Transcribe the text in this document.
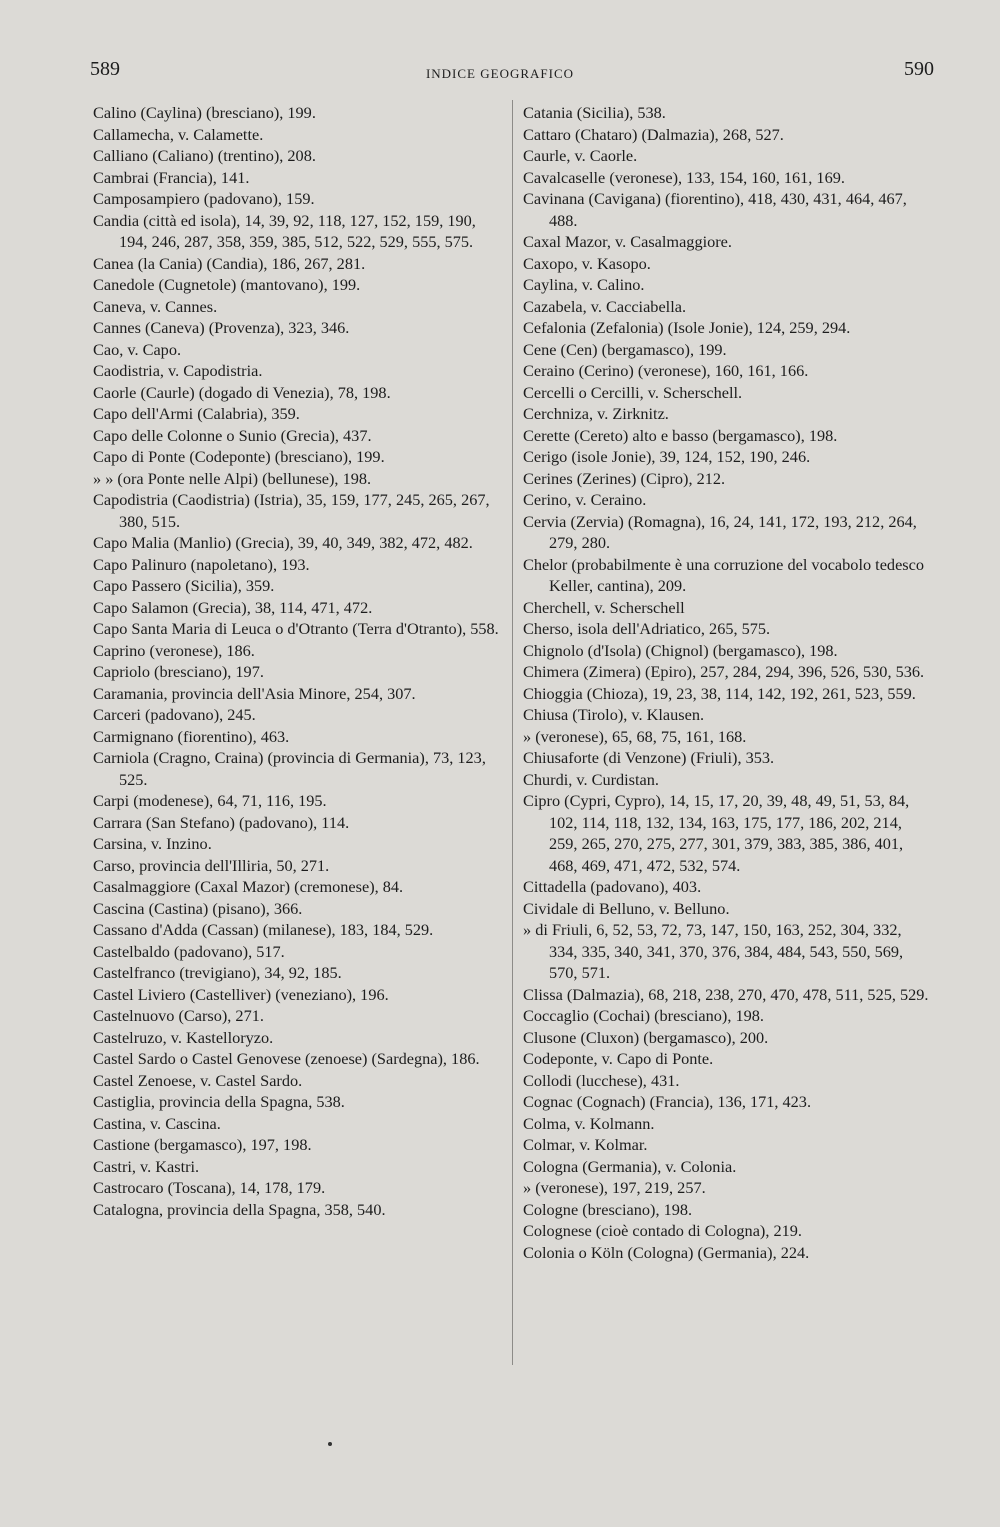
589	INDICE GEOGRAFICO	590
Calino (Caylina) (bresciano), 199.
Callamecha, v. Calamette.
Calliano (Caliano) (trentino), 208.
Cambrai (Francia), 141.
Camposampiero (padovano), 159.
Candia (città ed isola), 14, 39, 92, 118, 127, 152, 159, 190, 194, 246, 287, 358, 359, 385, 512, 522, 529, 555, 575.
Canea (la Cania) (Candia), 186, 267, 281.
Canedole (Cugnetole) (mantovano), 199.
Caneva, v. Cannes.
Cannes (Caneva) (Provenza), 323, 346.
Cao, v. Capo.
Caodistria, v. Capodistria.
Caorle (Caurle) (dogado di Venezia), 78, 198.
Capo dell'Armi (Calabria), 359.
Capo delle Colonne o Sunio (Grecia), 437.
Capo di Ponte (Codeponte) (bresciano), 199.
» » (ora Ponte nelle Alpi) (bellunese), 198.
Capodistria (Caodistria) (Istria), 35, 159, 177, 245, 265, 267, 380, 515.
Capo Malia (Manlio) (Grecia), 39, 40, 349, 382, 472, 482.
Capo Palinuro (napoletano), 193.
Capo Passero (Sicilia), 359.
Capo Salamon (Grecia), 38, 114, 471, 472.
Capo Santa Maria di Leuca o d'Otranto (Terra d'Otranto), 558.
Caprino (veronese), 186.
Capriolo (bresciano), 197.
Caramania, provincia dell'Asia Minore, 254, 307.
Carceri (padovano), 245.
Carmignano (fiorentino), 463.
Carniola (Cragno, Craina) (provincia di Germania), 73, 123, 525.
Carpi (modenese), 64, 71, 116, 195.
Carrara (San Stefano) (padovano), 114.
Carsina, v. Inzino.
Carso, provincia dell'Illiria, 50, 271.
Casalmaggiore (Caxal Mazor) (cremonese), 84.
Cascina (Castina) (pisano), 366.
Cassano d'Adda (Cassan) (milanese), 183, 184, 529.
Castelbaldo (padovano), 517.
Castelfranco (trevigiano), 34, 92, 185.
Castel Liviero (Castelliver) (veneziano), 196.
Castelnuovo (Carso), 271.
Castelruzo, v. Kastelloryzo.
Castel Sardo o Castel Genovese (zenoese) (Sardegna), 186.
Castel Zenoese, v. Castel Sardo.
Castiglia, provincia della Spagna, 538.
Castina, v. Cascina.
Castione (bergamasco), 197, 198.
Castri, v. Kastri.
Castrocaro (Toscana), 14, 178, 179.
Catalogna, provincia della Spagna, 358, 540.
Catania (Sicilia), 538.
Cattaro (Chataro) (Dalmazia), 268, 527.
Caurle, v. Caorle.
Cavalcaselle (veronese), 133, 154, 160, 161, 169.
Cavinana (Cavigana) (fiorentino), 418, 430, 431, 464, 467, 488.
Caxal Mazor, v. Casalmaggiore.
Caxopo, v. Kasopo.
Caylina, v. Calino.
Cazabela, v. Cacciabella.
Cefalonia (Zefalonia) (Isole Jonie), 124, 259, 294.
Cene (Cen) (bergamasco), 199.
Ceraino (Cerino) (veronese), 160, 161, 166.
Cercelli o Cercilli, v. Scherschell.
Cerchniza, v. Zirknitz.
Cerette (Cereto) alto e basso (bergamasco), 198.
Cerigo (isole Jonie), 39, 124, 152, 190, 246.
Cerines (Zerines) (Cipro), 212.
Cerino, v. Ceraino.
Cervia (Zervia) (Romagna), 16, 24, 141, 172, 193, 212, 264, 279, 280.
Chelor (probabilmente è una corruzione del vocabolo tedesco Keller, cantina), 209.
Cherchell, v. Scherschell
Cherso, isola dell'Adriatico, 265, 575.
Chignolo (d'Isola) (Chignol) (bergamasco), 198.
Chimera (Zimera) (Epiro), 257, 284, 294, 396, 526, 530, 536.
Chioggia (Chioza), 19, 23, 38, 114, 142, 192, 261, 523, 559.
Chiusa (Tirolo), v. Klausen.
» (veronese), 65, 68, 75, 161, 168.
Chiusaforte (di Venzone) (Friuli), 353.
Churdi, v. Curdistan.
Cipro (Cypri, Cypro), 14, 15, 17, 20, 39, 48, 49, 51, 53, 84, 102, 114, 118, 132, 134, 163, 175, 177, 186, 202, 214, 259, 265, 270, 275, 277, 301, 379, 383, 385, 386, 401, 468, 469, 471, 472, 532, 574.
Cittadella (padovano), 403.
Cividale di Belluno, v. Belluno.
» di Friuli, 6, 52, 53, 72, 73, 147, 150, 163, 252, 304, 332, 334, 335, 340, 341, 370, 376, 384, 484, 543, 550, 569, 570, 571.
Clissa (Dalmazia), 68, 218, 238, 270, 470, 478, 511, 525, 529.
Coccaglio (Cochai) (bresciano), 198.
Clusone (Cluxon) (bergamasco), 200.
Codeponte, v. Capo di Ponte.
Collodi (lucchese), 431.
Cognac (Cognach) (Francia), 136, 171, 423.
Colma, v. Kolmann.
Colmar, v. Kolmar.
Cologna (Germania), v. Colonia.
» (veronese), 197, 219, 257.
Cologne (bresciano), 198.
Colognese (cioè contado di Cologna), 219.
Colonia o Köln (Cologna) (Germania), 224.
